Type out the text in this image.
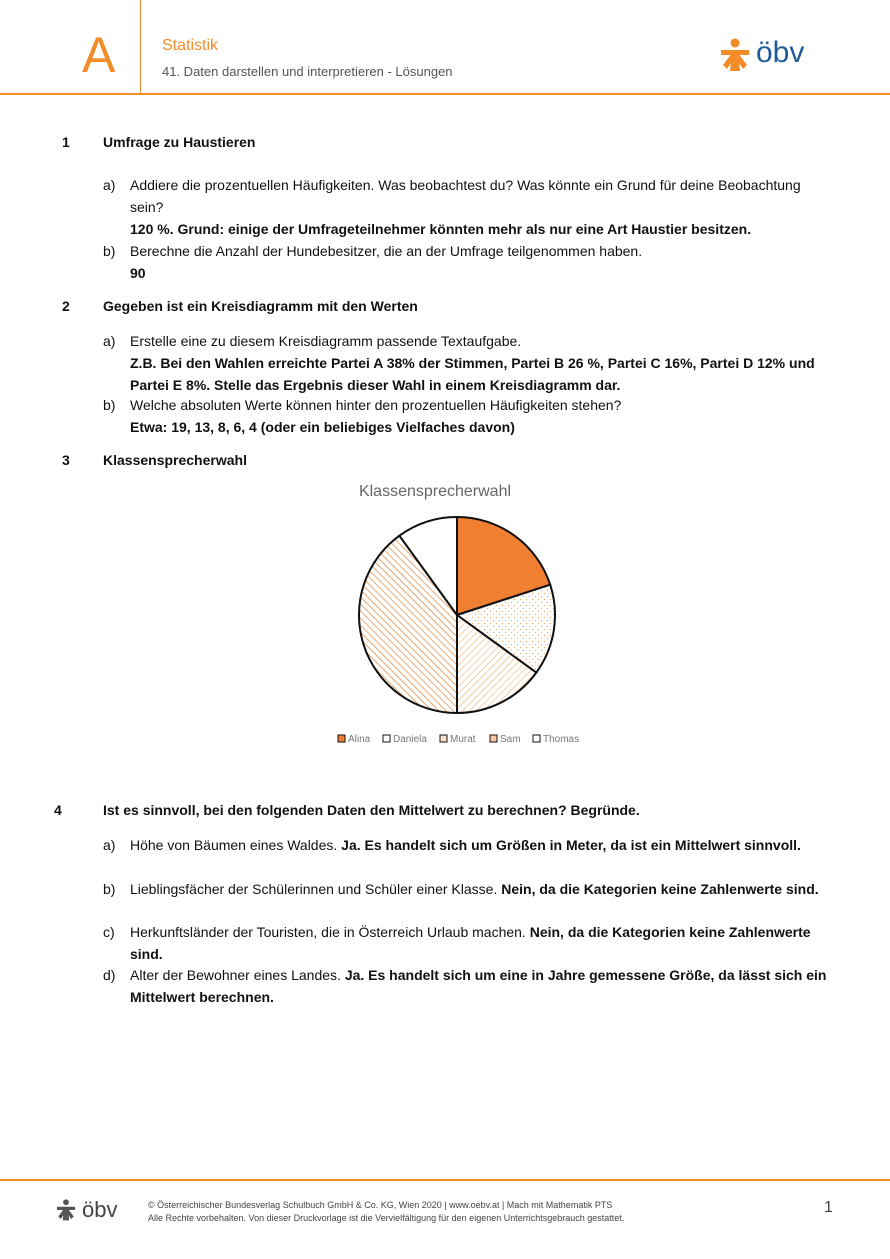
A	Statistik
41. Daten darstellen und interpretieren - Lösungen
öbv
1 Umfrage zu Haustieren
a) Addiere die prozentuellen Häufigkeiten. Was beobachtest du? Was könnte ein Grund für deine Beobachtung sein?
120 %. Grund: einige der Umfrageteilnehmer könnten mehr als nur eine Art Haustier besitzen.
b) Berechne die Anzahl der Hundebesitzer, die an der Umfrage teilgenommen haben.
90
2 Gegeben ist ein Kreisdiagramm mit den Werten
a) Erstelle eine zu diesem Kreisdiagramm passende Textaufgabe.
Z.B. Bei den Wahlen erreichte Partei A 38% der Stimmen, Partei B 26 %, Partei C 16%, Partei D 12% und Partei E 8%. Stelle das Ergebnis dieser Wahl in einem Kreisdiagramm dar.
b) Welche absoluten Werte können hinter den prozentuellen Häufigkeiten stehen?
Etwa: 19, 13, 8, 6, 4 (oder ein beliebiges Vielfaches davon)
3 Klassensprecherwahl
Klassensprecherwahl
Alina Daniela Murat Sam Thomas
4	Ist es sinnvoll, bei den folgenden Daten den Mittelwert zu berechnen? Begründe.
a) Höhe von Bäumen eines Waldes. Ja. Es handelt sich um Größen in Meter, da ist ein Mittelwert sinnvoll.
b) Lieblingsfächer der Schülerinnen und Schüler einer Klasse. Nein, da die Kategorien keine Zahlenwerte sind.
c) Herkunftsländer der Touristen, die in Österreich Urlaub machen. Nein, da die Kategorien keine Zahlenwerte sind.
d) Alter der Bewohner eines Landes. Ja. Es handelt sich um eine in Jahre gemessene Größe, da lässt sich ein Mittelwert berechnen.
öbv	© Österreichischer Bundesverlag Schulbuch GmbH & Co. KG, Wien 2020 | www.oebv.at | Mach mit Mathematik PTS
Alle Rechte vorbehalten. Von dieser Druckvorlage ist die Vervielfältigung für den eigenen Unterrichtsgebrauch gestattet.
1
